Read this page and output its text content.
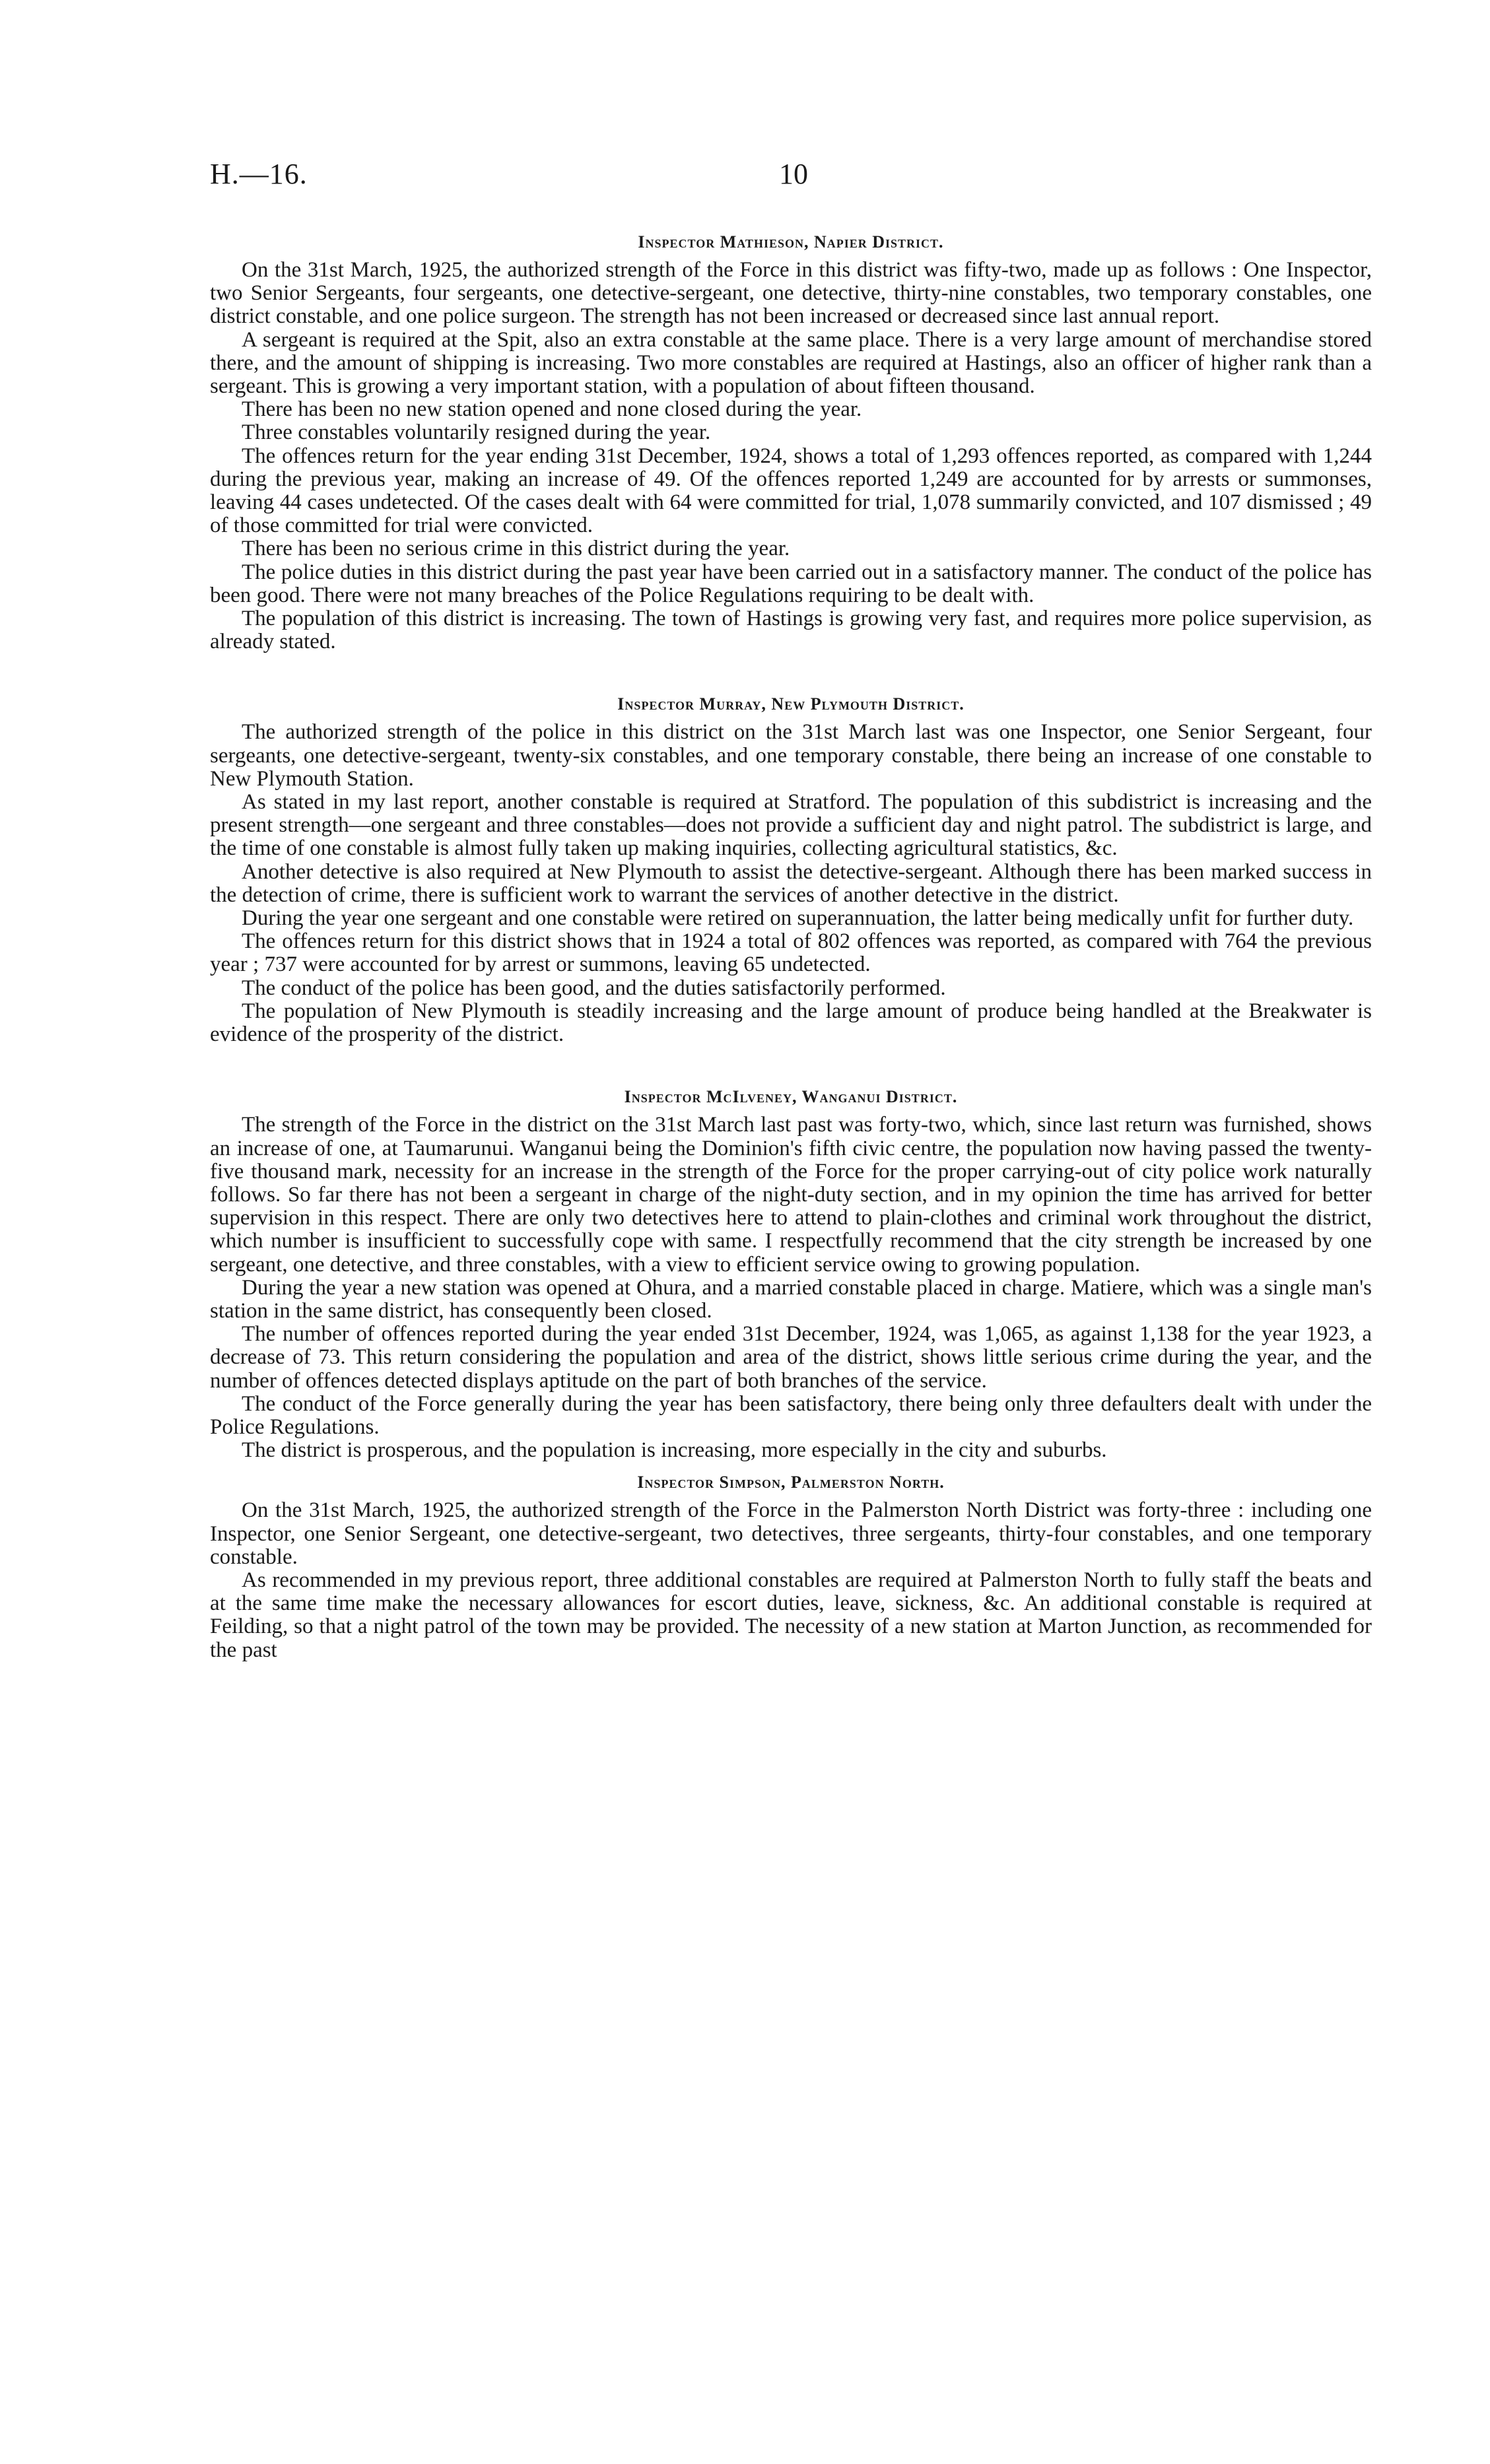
H.—16.	10
Inspector Mathieson, Napier District.

On the 31st March, 1925, the authorized strength of the Force in this district was fifty-two, made up as follows : One Inspector, two Senior Sergeants, four sergeants, one detective-sergeant, one detective, thirty-nine constables, two temporary constables, one district constable, and one police surgeon. The strength has not been increased or decreased since last annual report.

A sergeant is required at the Spit, also an extra constable at the same place. There is a very large amount of merchandise stored there, and the amount of shipping is increasing. Two more constables are required at Hastings, also an officer of higher rank than a sergeant. This is growing a very important station, with a population of about fifteen thousand.

There has been no new station opened and none closed during the year.

Three constables voluntarily resigned during the year.

The offences return for the year ending 31st December, 1924, shows a total of 1,293 offences reported, as compared with 1,244 during the previous year, making an increase of 49. Of the offences reported 1,249 are accounted for by arrests or summonses, leaving 44 cases undetected. Of the cases dealt with 64 were committed for trial, 1,078 summarily convicted, and 107 dismissed ; 49 of those committed for trial were convicted.

There has been no serious crime in this district during the year.

The police duties in this district during the past year have been carried out in a satisfactory manner. The conduct of the police has been good. There were not many breaches of the Police Regulations requiring to be dealt with.

The population of this district is increasing. The town of Hastings is growing very fast, and requires more police supervision, as already stated.

Inspector Murray, New Plymouth District.

The authorized strength of the police in this district on the 31st March last was one Inspector, one Senior Sergeant, four sergeants, one detective-sergeant, twenty-six constables, and one temporary constable, there being an increase of one constable to New Plymouth Station.

As stated in my last report, another constable is required at Stratford. The population of this subdistrict is increasing and the present strength—one sergeant and three constables—does not provide a sufficient day and night patrol. The subdistrict is large, and the time of one constable is almost fully taken up making inquiries, collecting agricultural statistics, &c.

Another detective is also required at New Plymouth to assist the detective-sergeant. Although there has been marked success in the detection of crime, there is sufficient work to warrant the services of another detective in the district.

During the year one sergeant and one constable were retired on superannuation, the latter being medically unfit for further duty.

The offences return for this district shows that in 1924 a total of 802 offences was reported, as compared with 764 the previous year ; 737 were accounted for by arrest or summons, leaving 65 undetected.

The conduct of the police has been good, and the duties satisfactorily performed.

The population of New Plymouth is steadily increasing and the large amount of produce being handled at the Breakwater is evidence of the prosperity of the district.

Inspector McIlveney, Wanganui District.

The strength of the Force in the district on the 31st March last past was forty-two, which, since last return was furnished, shows an increase of one, at Taumarunui. Wanganui being the Dominion's fifth civic centre, the population now having passed the twenty-five thousand mark, necessity for an increase in the strength of the Force for the proper carrying-out of city police work naturally follows. So far there has not been a sergeant in charge of the night-duty section, and in my opinion the time has arrived for better supervision in this respect. There are only two detectives here to attend to plain-clothes and criminal work throughout the district, which number is insufficient to successfully cope with same. I respectfully recommend that the city strength be increased by one sergeant, one detective, and three constables, with a view to efficient service owing to growing population.

During the year a new station was opened at Ohura, and a married constable placed in charge. Matiere, which was a single man's station in the same district, has consequently been closed.

The number of offences reported during the year ended 31st December, 1924, was 1,065, as against 1,138 for the year 1923, a decrease of 73. This return considering the population and area of the district, shows little serious crime during the year, and the number of offences detected displays aptitude on the part of both branches of the service.

The conduct of the Force generally during the year has been satisfactory, there being only three defaulters dealt with under the Police Regulations.

The district is prosperous, and the population is increasing, more especially in the city and suburbs.

Inspector Simpson, Palmerston North.

On the 31st March, 1925, the authorized strength of the Force in the Palmerston North District was forty-three : including one Inspector, one Senior Sergeant, one detective-sergeant, two detectives, three sergeants, thirty-four constables, and one temporary constable.

As recommended in my previous report, three additional constables are required at Palmerston North to fully staff the beats and at the same time make the necessary allowances for escort duties, leave, sickness, &c. An additional constable is required at Feilding, so that a night patrol of the town may be provided. The necessity of a new station at Marton Junction, as recommended for the past
